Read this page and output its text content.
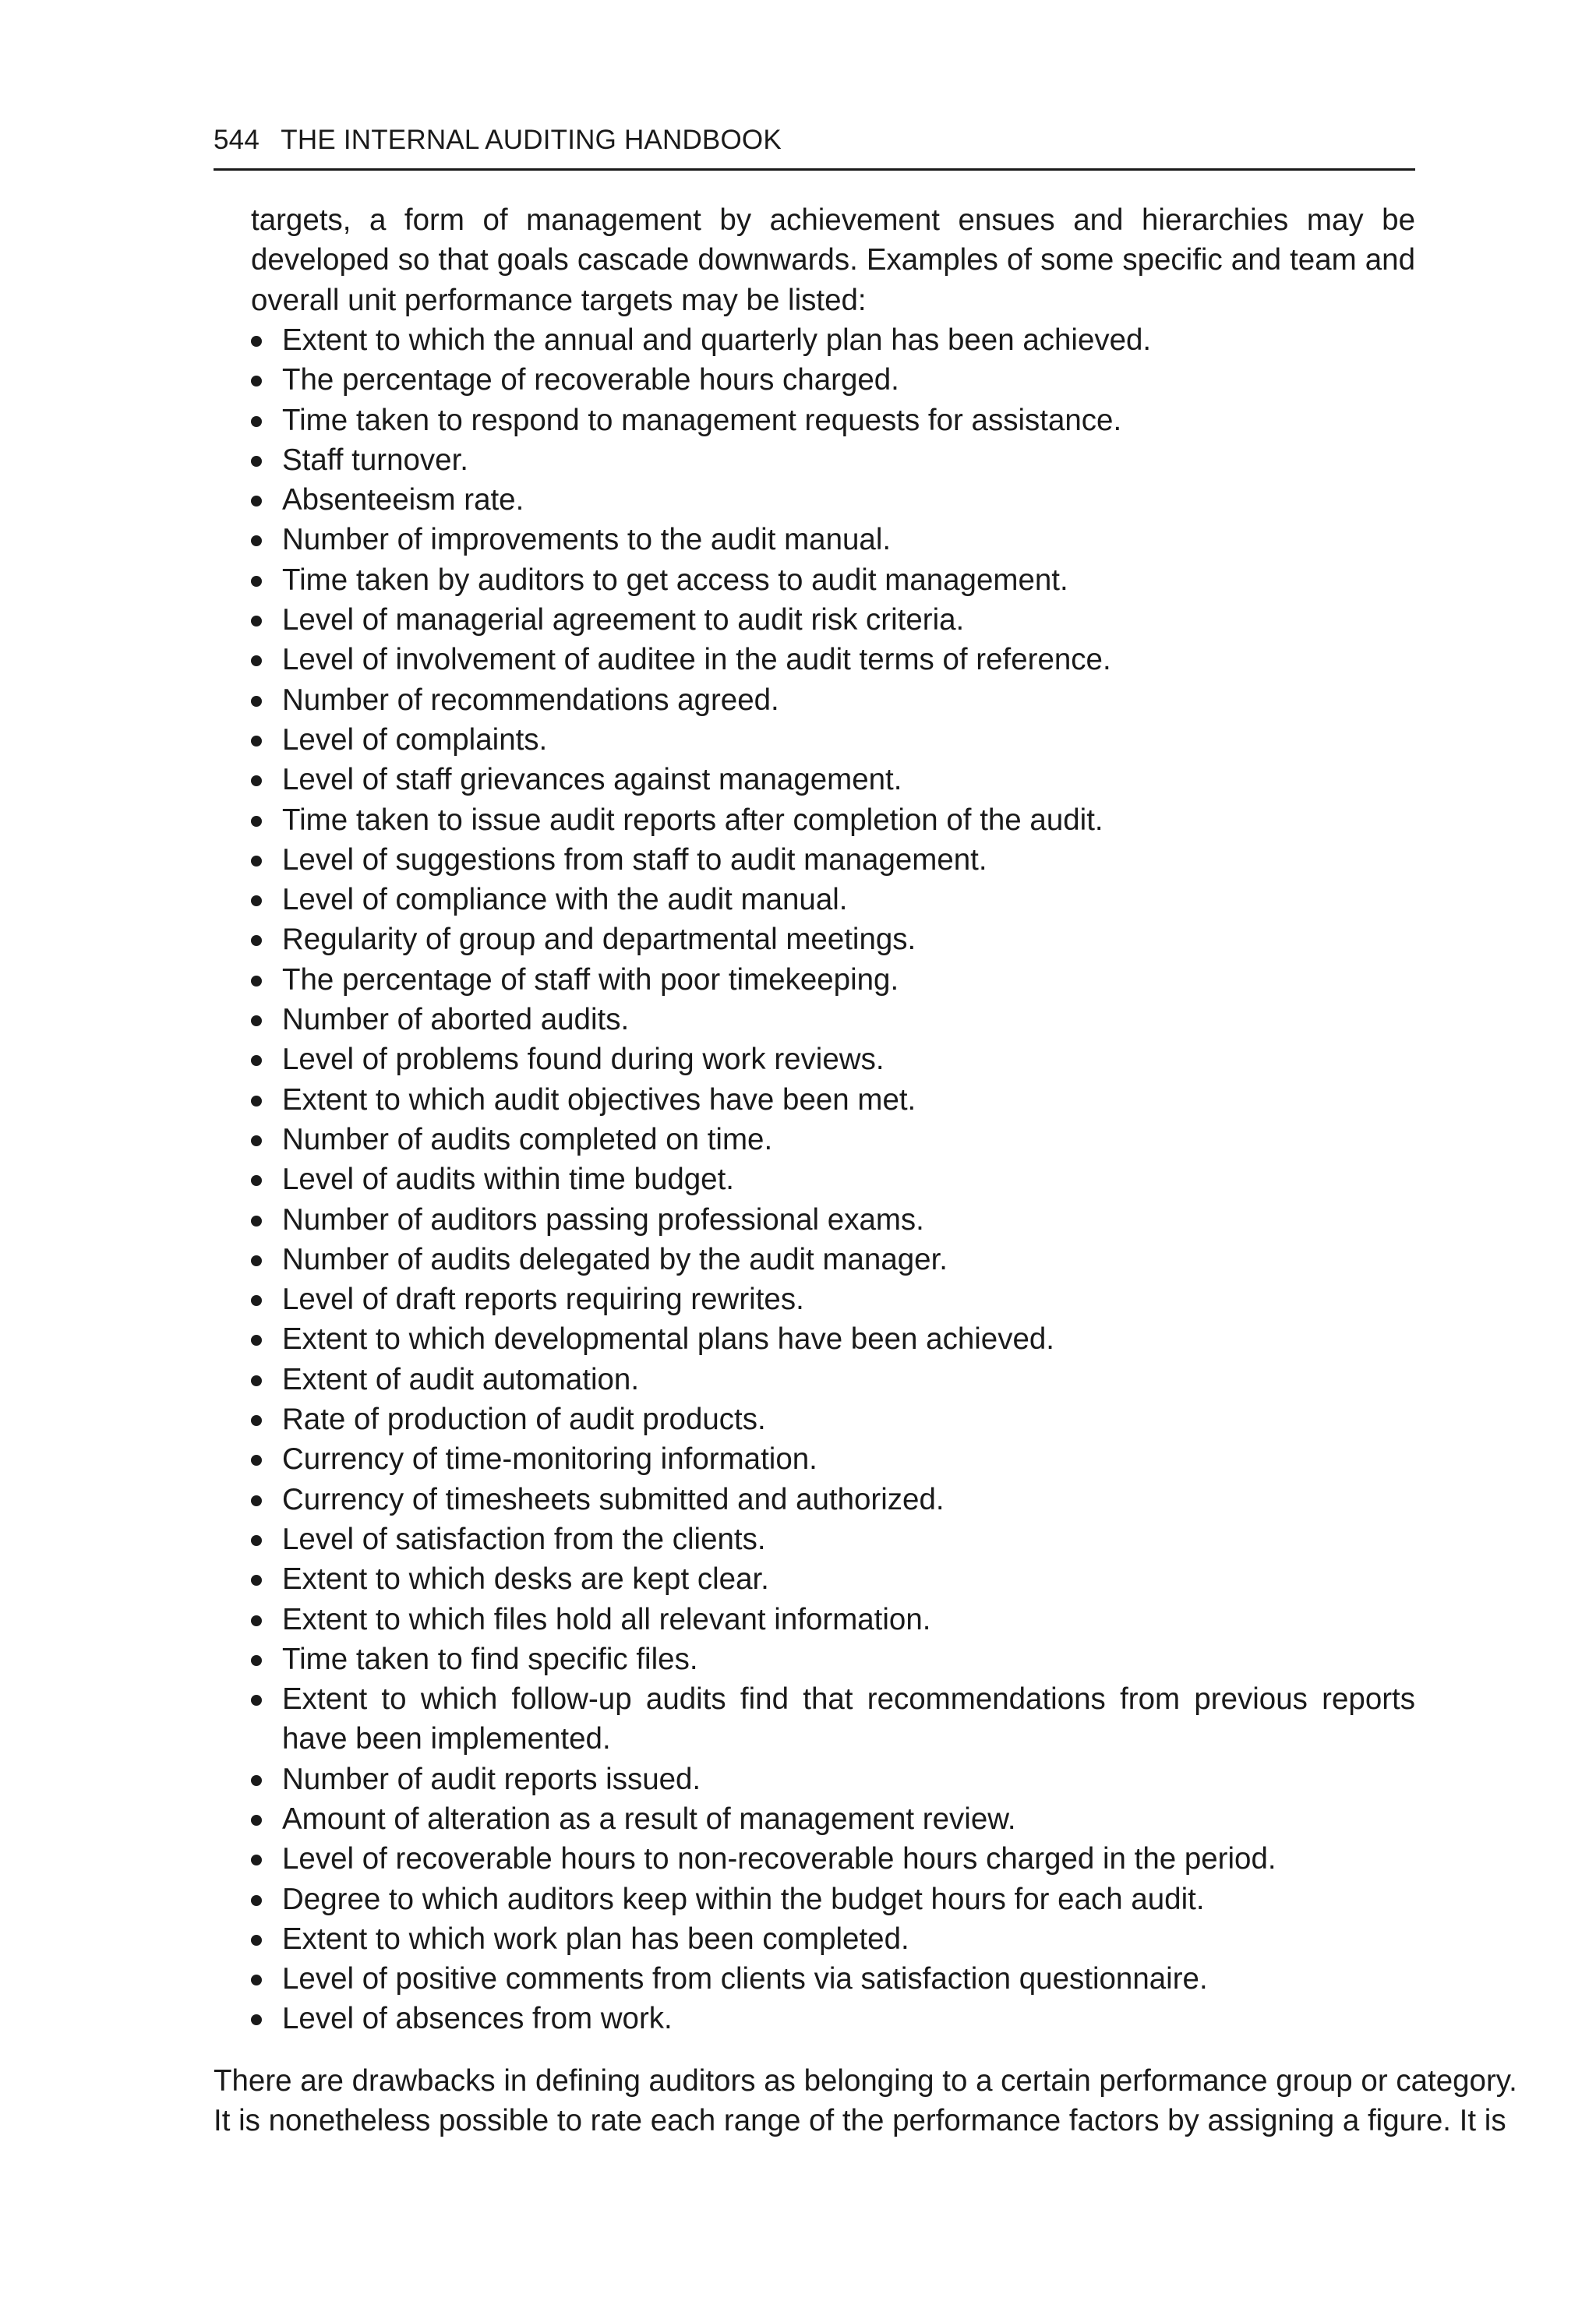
544 THE INTERNAL AUDITING HANDBOOK

targets, a form of management by achievement ensues and hierarchies may be developed so that goals cascade downwards. Examples of some specific and team and overall unit performance targets may be listed:

Extent to which the annual and quarterly plan has been achieved.
The percentage of recoverable hours charged.
Time taken to respond to management requests for assistance.
Staff turnover.
Absenteeism rate.
Number of improvements to the audit manual.
Time taken by auditors to get access to audit management.
Level of managerial agreement to audit risk criteria.
Level of involvement of auditee in the audit terms of reference.
Number of recommendations agreed.
Level of complaints.
Level of staff grievances against management.
Time taken to issue audit reports after completion of the audit.
Level of suggestions from staff to audit management.
Level of compliance with the audit manual.
Regularity of group and departmental meetings.
The percentage of staff with poor timekeeping.
Number of aborted audits.
Level of problems found during work reviews.
Extent to which audit objectives have been met.
Number of audits completed on time.
Level of audits within time budget.
Number of auditors passing professional exams.
Number of audits delegated by the audit manager.
Level of draft reports requiring rewrites.
Extent to which developmental plans have been achieved.
Extent of audit automation.
Rate of production of audit products.
Currency of time-monitoring information.
Currency of timesheets submitted and authorized.
Level of satisfaction from the clients.
Extent to which desks are kept clear.
Extent to which files hold all relevant information.
Time taken to find specific files.
Extent to which follow-up audits find that recommendations from previous reports have been implemented.
Number of audit reports issued.
Amount of alteration as a result of management review.
Level of recoverable hours to non-recoverable hours charged in the period.
Degree to which auditors keep within the budget hours for each audit.
Extent to which work plan has been completed.
Level of positive comments from clients via satisfaction questionnaire.
Level of absences from work.

There are drawbacks in defining auditors as belonging to a certain performance group or category.
It is nonetheless possible to rate each range of the performance factors by assigning a figure. It is
